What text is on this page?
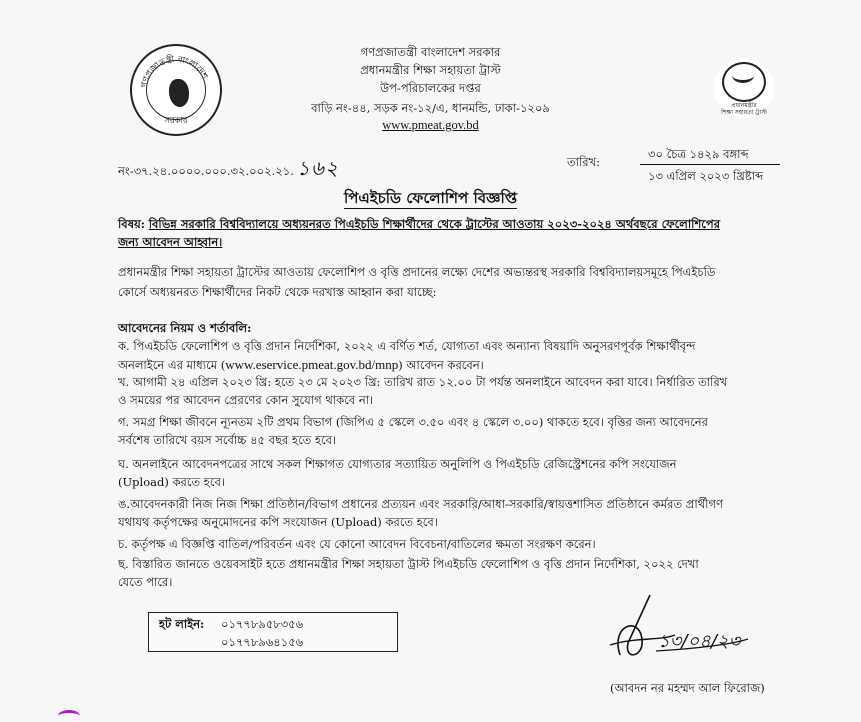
গণপ্রজাতন্ত্রী বাংলাদেশ
সরকার
গণপ্রজাতন্ত্রী বাংলাদেশ সরকার
প্রধানমন্ত্রীর শিক্ষা সহায়তা ট্রাস্ট
উপ-পরিচালকের দপ্তর
বাড়ি নং-৪৪, সড়ক নং-১২/এ, ধানমন্ডি, ঢাকা-১২০৯
www.pmeat.gov.bd
প্রধানমন্ত্রীর
শিক্ষা সহায়তা ট্রাস্ট
নং-৩৭.২৪.০০০০.০০০.৩২.০০২.২১. ১৬২	তারিখ:
৩০ চৈত্র ১৪২৯ বঙ্গাব্দ
১৩ এপ্রিল ২০২৩ খ্রিষ্টাব্দ
পিএইচডি ফেলোশিপ বিজ্ঞপ্তি
বিষয়: বিভিন্ন সরকারি বিশ্ববিদ্যালয়ে অধ্যয়নরত পিএইচডি শিক্ষার্থীদের থেকে ট্রাস্টের আওতায় ২০২৩-২০২৪ অর্থবছরে ফেলোশিপের
জন্য আবেদন আহ্বান।
প্রধানমন্ত্রীর শিক্ষা সহায়তা ট্রাস্টের আওতায় ফেলোশিপ ও বৃত্তি প্রদানের লক্ষ্যে দেশের অভ্যন্তরস্থ সরকারি বিশ্ববিদ্যালয়সমূহে পিএইচডি
কোর্সে অধ্যয়নরত শিক্ষার্থীদের নিকট থেকে দরখাস্ত আহ্বান করা যাচ্ছে:
আবেদনের নিয়ম ও শর্তাবলি:
ক. পিএইচডি ফেলোশিপ ও বৃত্তি প্রদান নির্দেশিকা, ২০২২ এ বর্ণিত শর্ত, যোগ্যতা এবং অন্যান্য বিষয়াদি অনুসরণপূর্বক শিক্ষার্থীবৃন্দ
অনলাইনে এর মাধ্যমে (www.eservice.pmeat.gov.bd/mnp) আবেদন করবেন।
খ. আগামী ২৪ এপ্রিল ২০২৩ খ্রি: হতে ২৩ মে ২০২৩ খ্রি: তারিখ রাত ১২.০০ টা পর্যন্ত অনলাইনে আবেদন করা যাবে। নির্ধারিত তারিখ
ও সময়ের পর আবেদন প্রেরণের কোন সুযোগ থাকবে না।
গ. সমগ্র শিক্ষা জীবনে ন্যূনতম ২টি প্রথম বিভাগ (জিপিএ ৫ স্কেলে ৩.৫০ এবং ৪ স্কেলে ৩.০০) থাকতে হবে। বৃত্তির জন্য আবেদনের
সর্বশেষ তারিখে বয়স সর্বোচ্চ ৪৫ বছর হতে হবে।
ঘ. অনলাইনে আবেদনপত্রের সাথে সকল শিক্ষাগত যোগ্যতার সত্যায়িত অনুলিপি ও পিএইচডি রেজিস্ট্রেশনের কপি সংযোজন
(Upload) করতে হবে।
ঙ.আবেদনকারী নিজ নিজ শিক্ষা প্রতিষ্ঠান/বিভাগ প্রধানের প্রত্যয়ন এবং সরকারি/আধা-সরকারি/স্বায়ত্তশাসিত প্রতিষ্ঠানে কর্মরত প্রার্থীগণ
যথাযথ কর্তৃপক্ষের অনুমোদনের কপি সংযোজন (Upload) করতে হবে।
চ. কর্তৃপক্ষ এ বিজ্ঞপ্তি বাতিল/পরিবর্তন এবং যে কোনো আবেদন বিবেচনা/বাতিলের ক্ষমতা সংরক্ষণ করেন।
ছ. বিস্তারিত জানতে ওয়েবসাইট হতে প্রধানমন্ত্রীর শিক্ষা সহায়তা ট্রাস্ট পিএইচডি ফেলোশিপ ও বৃত্তি প্রদান নির্দেশিকা, ২০২২ দেখা
যেতে পারে।
হট লাইন: ০১৭৭৮৯৫৮৩৫৬
০১৭৭৮৯৬৪১৫৬	১৩/০৪/২৩
(আবদন নর মহম্মদ আল ফিরোজ)
